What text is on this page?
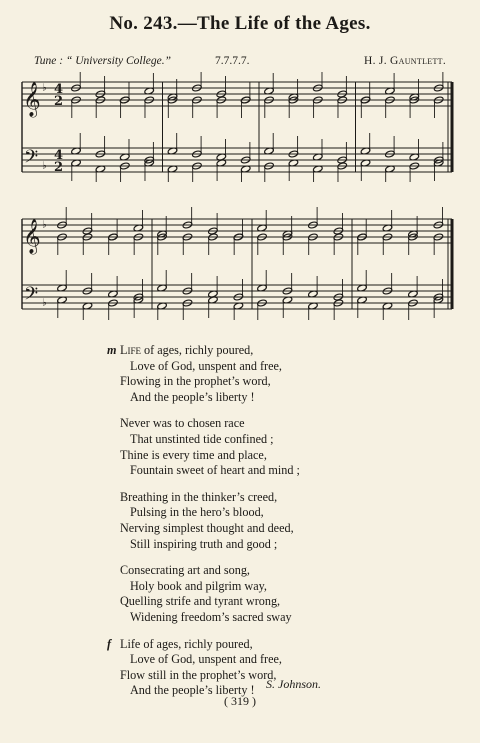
No. 243.—The Life of the Ages.
Tune : “ University College.”	7.7.7.7.	H. J. Gauntlett.
𝄞
𝄢
♭
♭
4
2
4
2
𝄞
𝄢
♭
♭
m Life of ages, richly poured,
Love of God, unspent and free,
Flowing in the prophet’s word,
And the people’s liberty !
Never was to chosen race
That unstinted tide confined ;
Thine is every time and place,
Fountain sweet of heart and mind ;
Breathing in the thinker’s creed,
Pulsing in the hero’s blood,
Nerving simplest thought and deed,
Still inspiring truth and good ;
Consecrating art and song,
Holy book and pilgrim way,
Quelling strife and tyrant wrong,
Widening freedom’s sacred sway
f Life of ages, richly poured,
Love of God, unspent and free,
Flow still in the prophet’s word,
And the people’s liberty ! S. Johnson.
( 319 )
